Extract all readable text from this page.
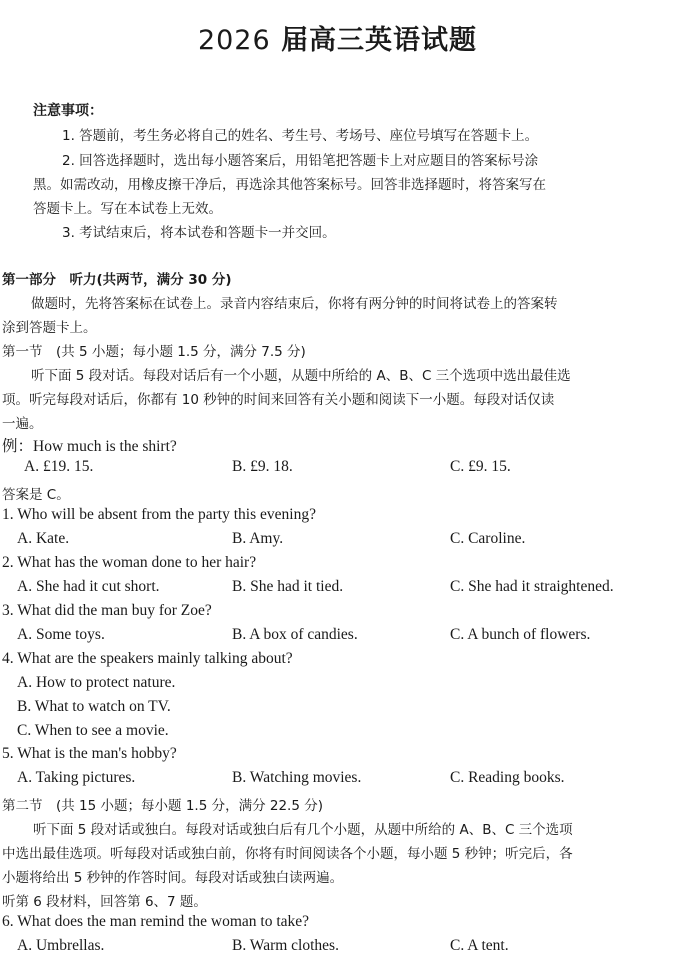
2026 届高三英语试题
注意事项：
1. 答题前，考生务必将自己的姓名、考生号、考场号、座位号填写在答题卡上。
2. 回答选择题时，选出每小题答案后，用铅笔把答题卡上对应题目的答案标号涂
黑。如需改动，用橡皮擦干净后，再选涂其他答案标号。回答非选择题时，将答案写在
答题卡上。写在本试卷上无效。
3. 考试结束后，将本试卷和答题卡一并交回。
第一部分　听力(共两节，满分 30 分)
做题时，先将答案标在试卷上。录音内容结束后，你将有两分钟的时间将试卷上的答案转
涂到答题卡上。
第一节　(共 5 小题；每小题 1.5 分，满分 7.5 分)
听下面 5 段对话。每段对话后有一个小题，从题中所给的 A、B、C 三个选项中选出最佳选
项。听完每段对话后，你都有 10 秒钟的时间来回答有关小题和阅读下一小题。每段对话仅读
一遍。
例：How much is the shirt?
A. £19. 15.	B. £9. 18.	C. £9. 15.
答案是 C。
1. Who will be absent from the party this evening?
A. Kate.	B. Amy.	C. Caroline.
2. What has the woman done to her hair?
A. She had it cut short.	B. She had it tied.	C. She had it straightened.
3. What did the man buy for Zoe?
A. Some toys.	B. A box of candies.	C. A bunch of flowers.
4. What are the speakers mainly talking about?
A. How to protect nature.
B. What to watch on TV.
C. When to see a movie.
5. What is the man's hobby?
A. Taking pictures.	B. Watching movies.	C. Reading books.
第二节　(共 15 小题；每小题 1.5 分，满分 22.5 分)
听下面 5 段对话或独白。每段对话或独白后有几个小题，从题中所给的 A、B、C 三个选项
中选出最佳选项。听每段对话或独白前，你将有时间阅读各个小题，每小题 5 秒钟；听完后，各
小题将给出 5 秒钟的作答时间。每段对话或独白读两遍。
听第 6 段材料，回答第 6、7 题。
6. What does the man remind the woman to take?
A. Umbrellas.	B. Warm clothes.	C. A tent.
